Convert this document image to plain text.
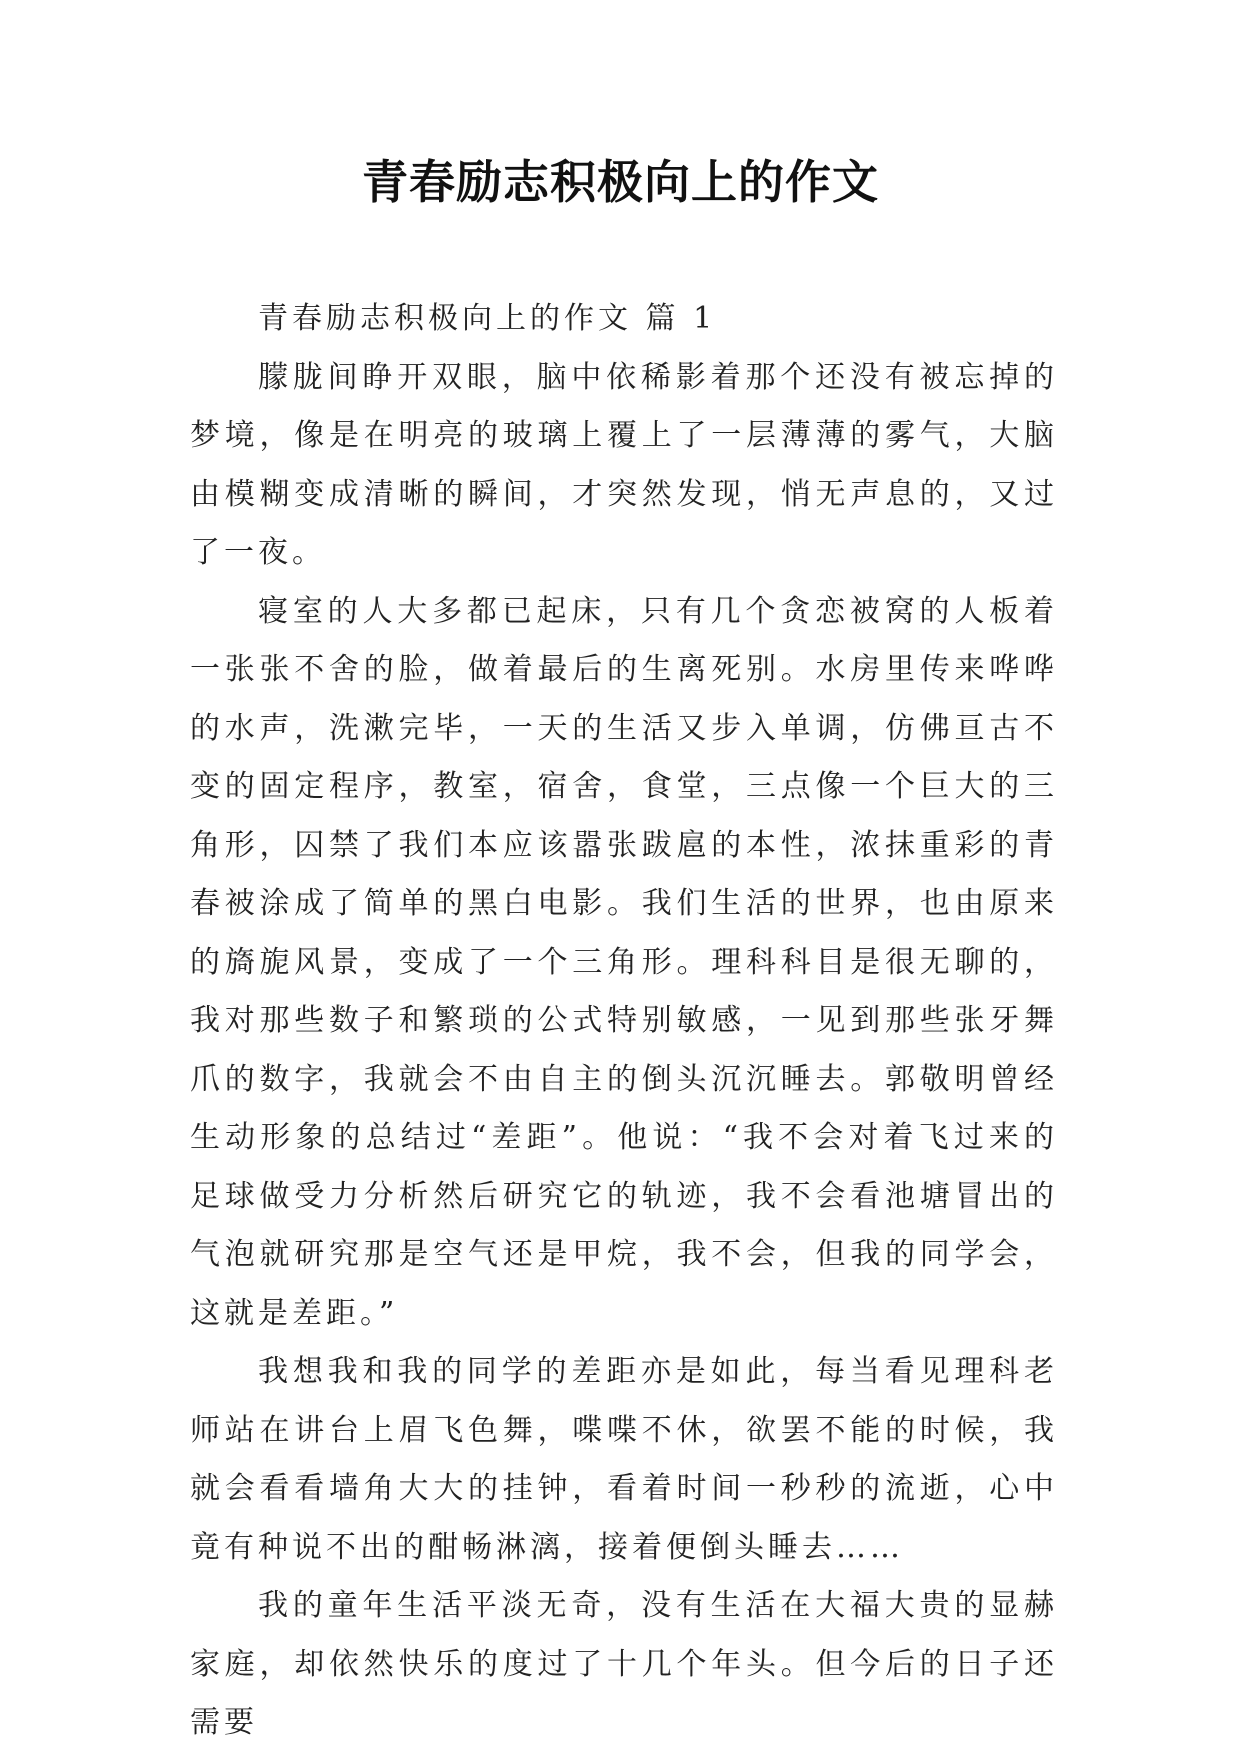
青春励志积极向上的作文

青春励志积极向上的作文 篇 1

朦胧间睁开双眼，脑中依稀影着那个还没有被忘掉的梦境，像是在明亮的玻璃上覆上了一层薄薄的雾气，大脑由模糊变成清晰的瞬间，才突然发现，悄无声息的，又过了一夜。

寝室的人大多都已起床，只有几个贪恋被窝的人板着一张张不舍的脸，做着最后的生离死别。水房里传来哗哗的水声，洗漱完毕，一天的生活又步入单调，仿佛亘古不变的固定程序，教室，宿舍，食堂，三点像一个巨大的三角形，囚禁了我们本应该嚣张跋扈的本性，浓抹重彩的青春被涂成了简单的黑白电影。我们生活的世界，也由原来的旖旎风景，变成了一个三角形。理科科目是很无聊的，我对那些数子和繁琐的公式特别敏感，一见到那些张牙舞爪的数字，我就会不由自主的倒头沉沉睡去。郭敬明曾经生动形象的总结过“差距”。他说：“我不会对着飞过来的足球做受力分析然后研究它的轨迹，我不会看池塘冒出的气泡就研究那是空气还是甲烷，我不会，但我的同学会，这就是差距。”

我想我和我的同学的差距亦是如此，每当看见理科老师站在讲台上眉飞色舞，喋喋不休，欲罢不能的时候，我就会看看墙角大大的挂钟，看着时间一秒秒的流逝，心中竟有种说不出的酣畅淋漓，接着便倒头睡去……

我的童年生活平淡无奇，没有生活在大福大贵的显赫家庭，却依然快乐的度过了十几个年头。但今后的日子还需要
